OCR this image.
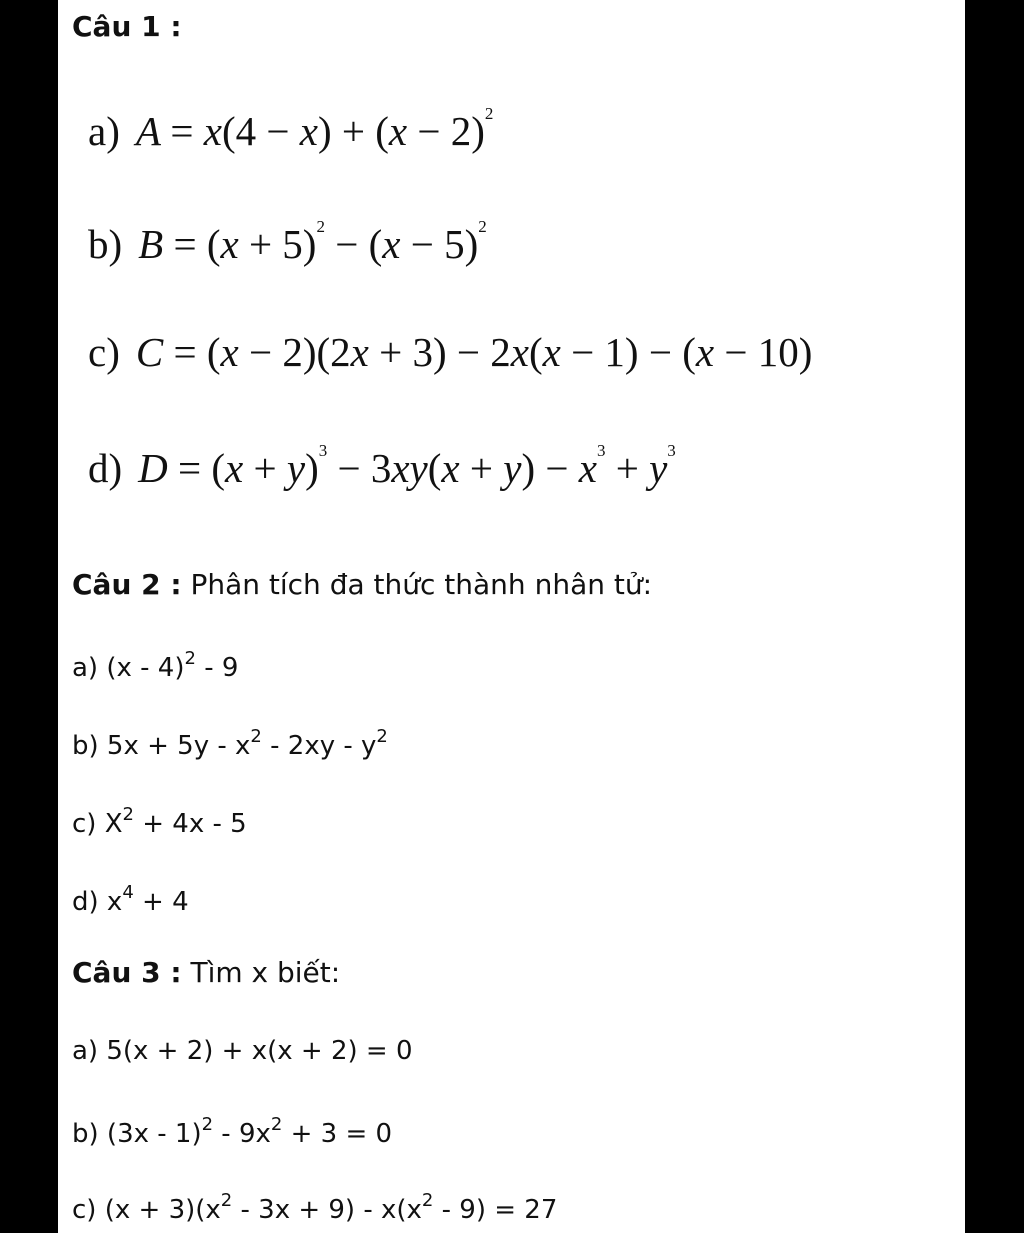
Câu 1 :
a) $A = x(4 - x) + (x - 2)^2$
b) $B = (x + 5)^2 - (x - 5)^2$
c) C = (x − 2)(2x + 3) − 2x(x − 1) − (x − 10)
d) $D = (x + y)^3 - 3xy(x + y) - x^3 + y^3$
Câu 2 : Phân tích đa thức thành nhân tử:
a) (x - 4)$^2$ - 9
b) $5x + 5y - x^2 - 2xy - y^2$
c) $X^2 + 4x - 5$
d) $x^4 + 4$
Câu 3 : Tìm x biết:
a) 5(x + 2) + x(x + 2) = 0
b) $(3x - 1)^2 - 9x^2 + 3 = 0$
c) $(x + 3)(x^2 - 3x + 9) - x(x^2 - 9) = 27$
